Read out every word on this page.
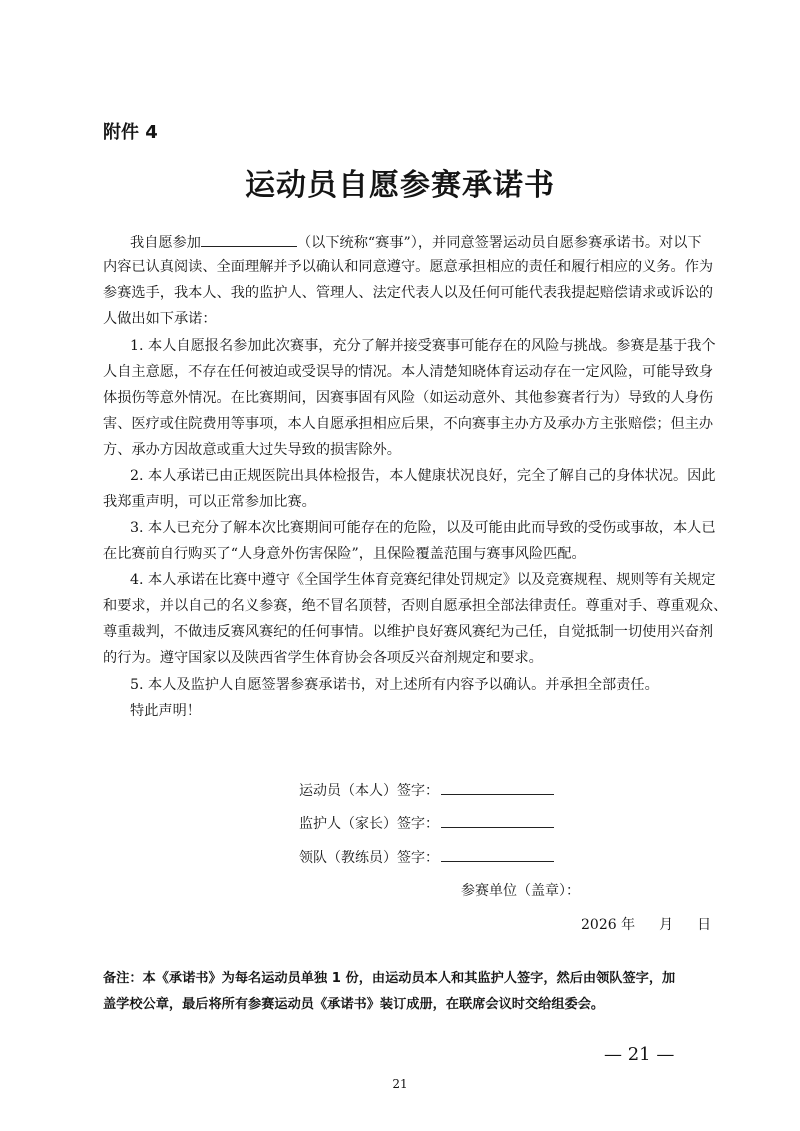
附件 4
运动员自愿参赛承诺书
我自愿参加	（以下统称“赛事”），并同意签署运动员自愿参赛承诺书。对以下
内容已认真阅读、全面理解并予以确认和同意遵守。愿意承担相应的责任和履行相应的义务。作为
参赛选手，我本人、我的监护人、管理人、法定代表人以及任何可能代表我提起赔偿请求或诉讼的
人做出如下承诺：
1. 本人自愿报名参加此次赛事，充分了解并接受赛事可能存在的风险与挑战。参赛是基于我个
人自主意愿，不存在任何被迫或受误导的情况。本人清楚知晓体育运动存在一定风险，可能导致身
体损伤等意外情况。在比赛期间，因赛事固有风险（如运动意外、其他参赛者行为）导致的人身伤
害、医疗或住院费用等事项，本人自愿承担相应后果，不向赛事主办方及承办方主张赔偿；但主办
方、承办方因故意或重大过失导致的损害除外。
2. 本人承诺已由正规医院出具体检报告，本人健康状况良好，完全了解自己的身体状况。因此
我郑重声明，可以正常参加比赛。
3. 本人已充分了解本次比赛期间可能存在的危险，以及可能由此而导致的受伤或事故，本人已
在比赛前自行购买了“人身意外伤害保险”，且保险覆盖范围与赛事风险匹配。
4. 本人承诺在比赛中遵守《全国学生体育竞赛纪律处罚规定》以及竞赛规程、规则等有关规定
和要求，并以自己的名义参赛，绝不冒名顶替，否则自愿承担全部法律责任。尊重对手、尊重观众、
尊重裁判，不做违反赛风赛纪的任何事情。以维护良好赛风赛纪为己任，自觉抵制一切使用兴奋剂
的行为。遵守国家以及陕西省学生体育协会各项反兴奋剂规定和要求。
5. 本人及监护人自愿签署参赛承诺书，对上述所有内容予以确认。并承担全部责任。
特此声明！
运动员（本人）签字：
监护人（家长）签字：
领队（教练员）签字：
参赛单位（盖章）：
2026 年 月 日
备注：本《承诺书》为每名运动员单独 1 份，由运动员本人和其监护人签字，然后由领队签字，加
盖学校公章，最后将所有参赛运动员《承诺书》装订成册，在联席会议时交给组委会。
— 21 —
21
